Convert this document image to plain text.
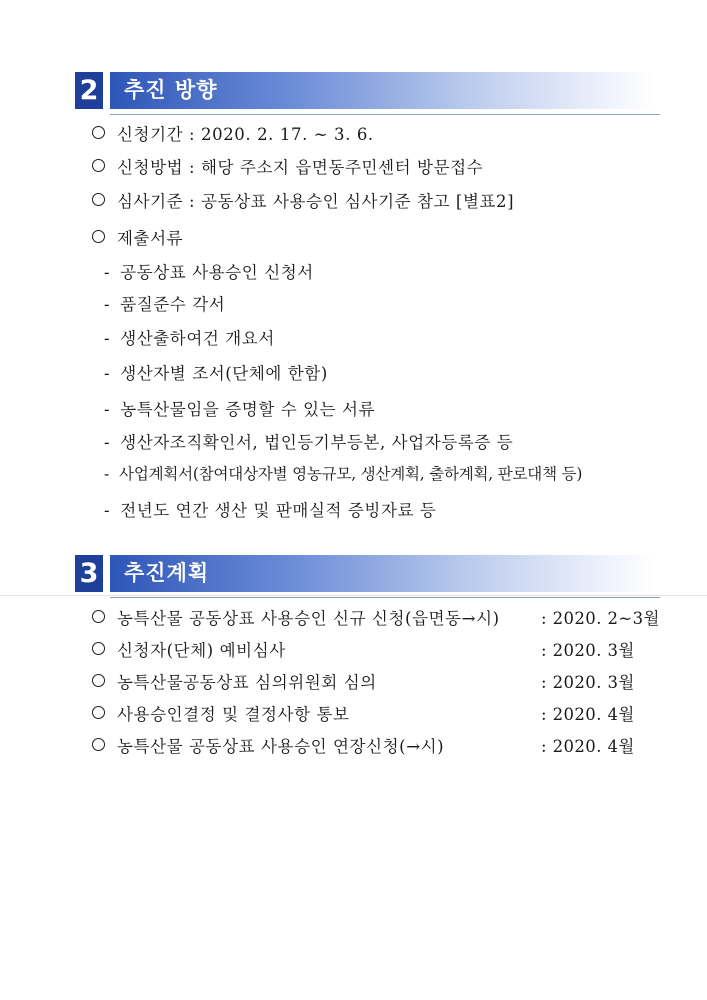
2 추진 방향
신청기간 : 2020. 2. 17. ~ 3. 6.
신청방법 : 해당 주소지 읍면동주민센터 방문접수
심사기준 : 공동상표 사용승인 심사기준 참고 [별표2]
제출서류
- 공동상표 사용승인 신청서
- 품질준수 각서
- 생산출하여건 개요서
- 생산자별 조서(단체에 한함)
- 농특산물임을 증명할 수 있는 서류
- 생산자조직확인서, 법인등기부등본, 사업자등록증 등
- 사업계획서(참여대상자별 영농규모, 생산계획, 출하계획, 판로대책 등)
- 전년도 연간 생산 및 판매실적 증빙자료 등
3 추진계획
농특산물 공동상표 사용승인 신규 신청(읍면동→시)	: 2020. 2~3월
신청자(단체) 예비심사	: 2020. 3월
농특산물공동상표 심의위원회 심의	: 2020. 3월
사용승인결정 및 결정사항 통보	: 2020. 4월
농특산물 공동상표 사용승인 연장신청(→시)	: 2020. 4월
